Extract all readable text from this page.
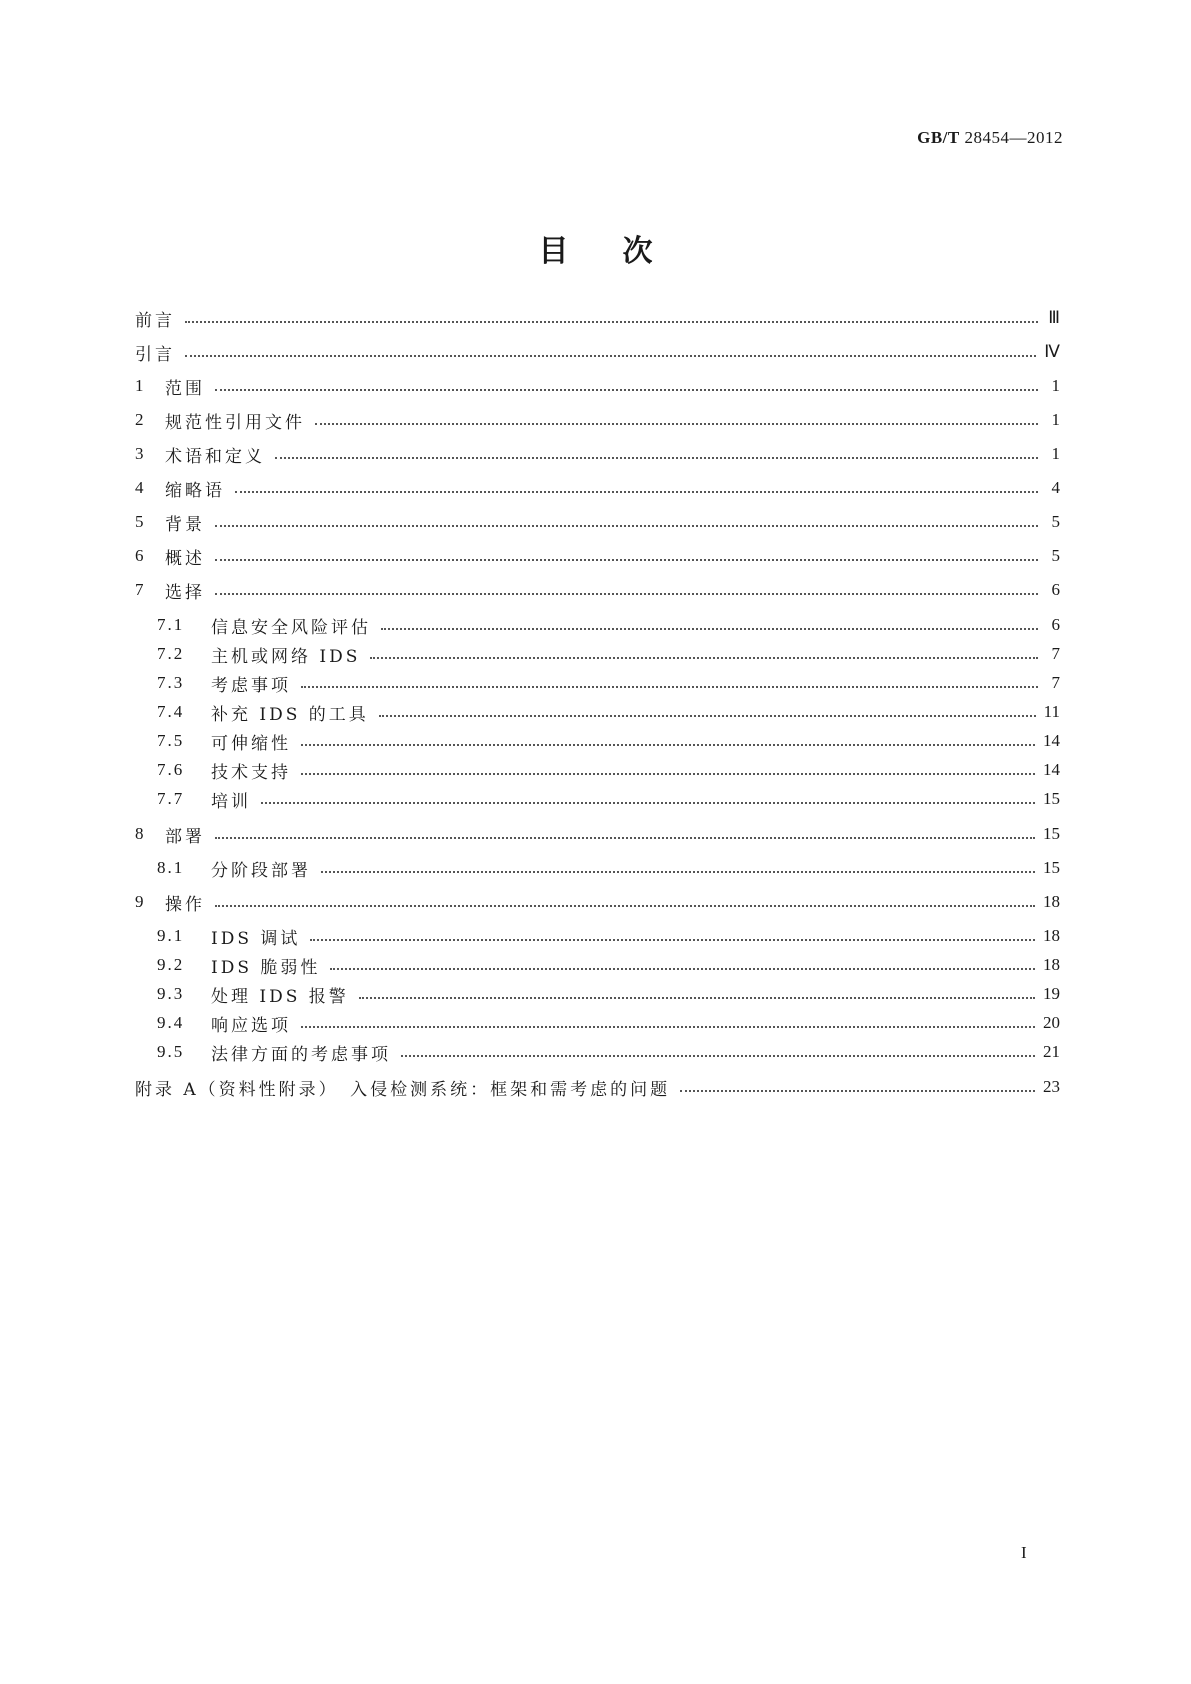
GB/T 28454—2012
目次
前言	Ⅲ
引言	Ⅳ
1	范围	1
2	规范性引用文件	1
3	术语和定义	1
4	缩略语	4
5	背景	5
6	概述	5
7	选择	6
7.1	信息安全风险评估	6
7.2	主机或网络 IDS	7
7.3	考虑事项	7
7.4	补充 IDS 的工具	11
7.5	可伸缩性	14
7.6	技术支持	14
7.7	培训	15
8	部署	15
8.1	分阶段部署	15
9	操作	18
9.1	IDS 调试	18
9.2	IDS 脆弱性	18
9.3	处理 IDS 报警	19
9.4	响应选项	20
9.5	法律方面的考虑事项	21
附录 A（资料性附录）　入侵检测系统：框架和需考虑的问题	23
I
